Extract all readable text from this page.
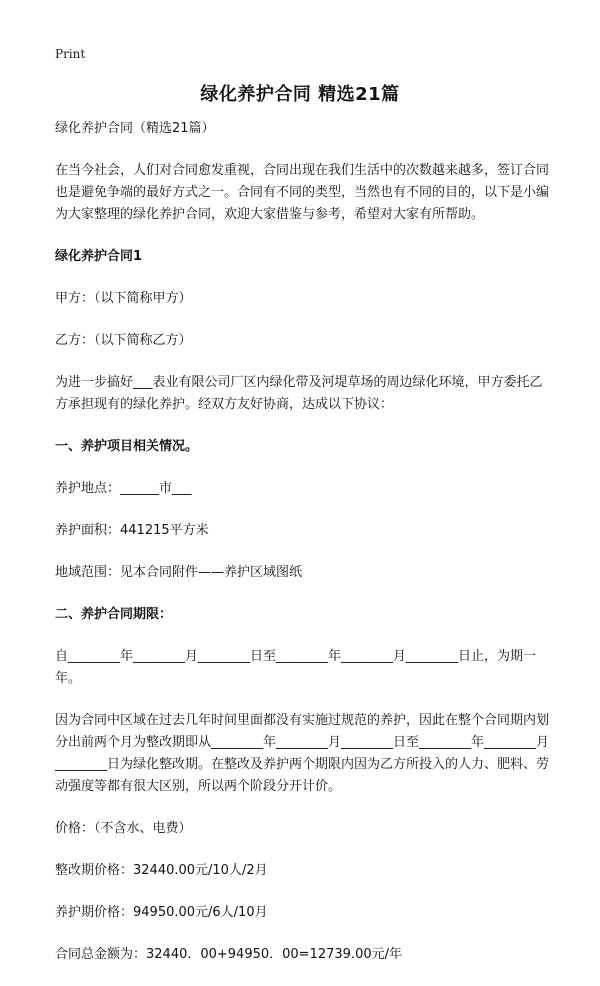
Print
绿化养护合同 精选21篇

绿化养护合同（精选21篇）

在当今社会，人们对合同愈发重视，合同出现在我们生活中的次数越来越多，签订合同也是避免争端的最好方式之一。合同有不同的类型，当然也有不同的目的，以下是小编为大家整理的绿化养护合同，欢迎大家借鉴与参考，希望对大家有所帮助。

绿化养护合同1

甲方：（以下简称甲方）

乙方：（以下简称乙方）

为进一步搞好___表业有限公司厂区内绿化带及河堤草场的周边绿化环境，甲方委托乙方承担现有的绿化养护。经双方友好协商，达成以下协议：

一、养护项目相关情况。

养护地点：______市___

养护面积：441215平方米

地域范围：见本合同附件——养护区域图纸

二、养护合同期限：

自________年________月________日至________年________月________日止，为期一年。

因为合同中区域在过去几年时间里面都没有实施过规范的养护，因此在整个合同期内划分出前两个月为整改期即从________年________月________日至________年________月________日为绿化整改期。在整改及养护两个期限内因为乙方所投入的人力、肥料、劳动强度等都有很大区别，所以两个阶段分开计价。

价格：（不含水、电费）

整改期价格：32440.00元/10人/2月

养护期价格：94950.00元/6人/10月

合同总金额为：32440．00+94950．00=12739.00元/年
